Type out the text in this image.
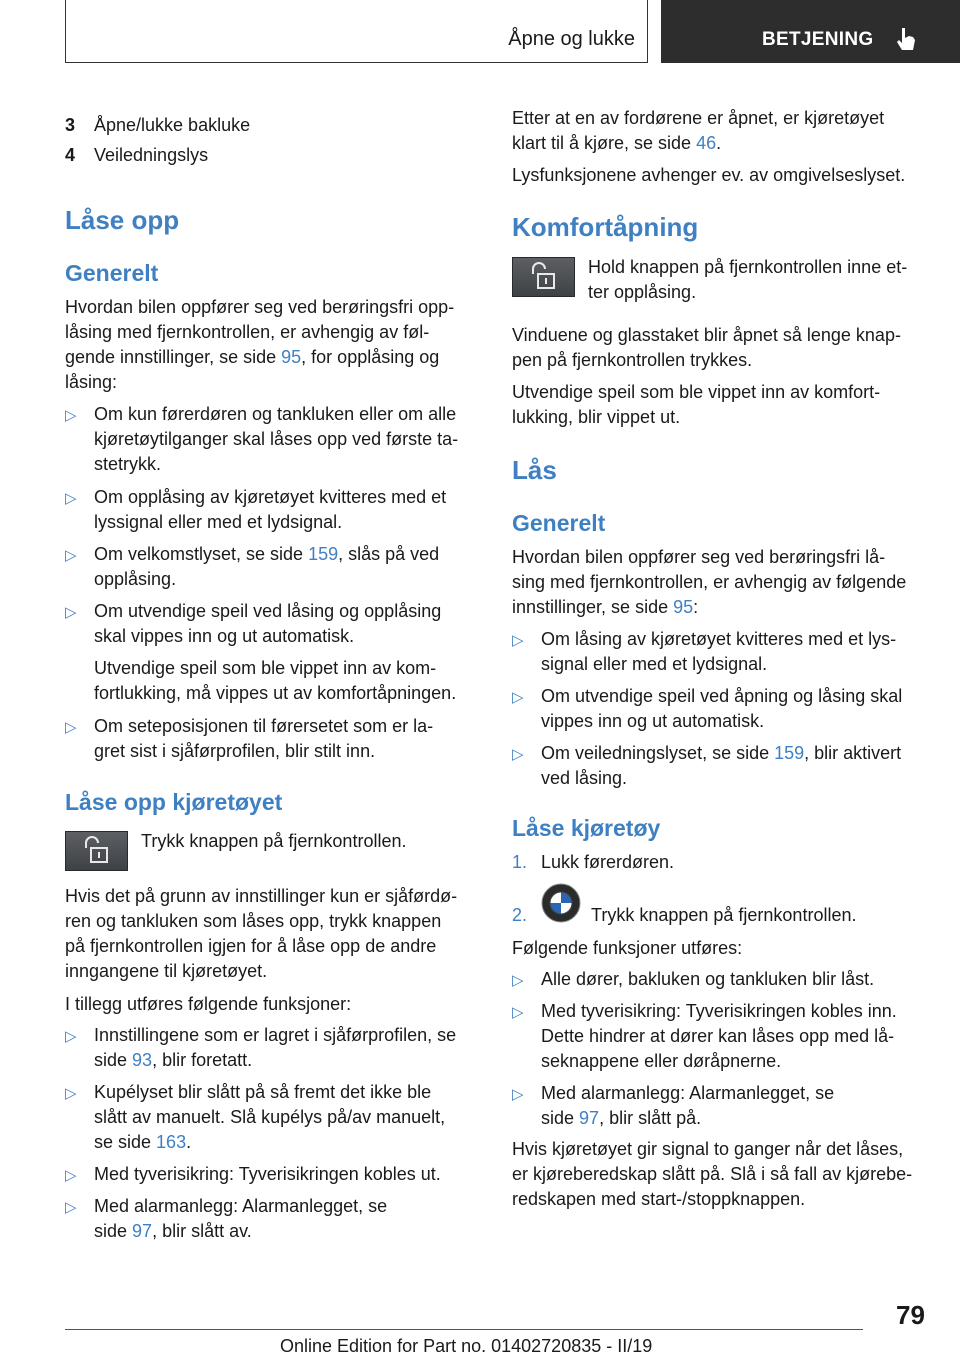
Åpne og lukke	BETJENING
3 Åpne/lukke bakluke
4 Veiledningslys
Låse opp
Generelt
Hvordan bilen oppfører seg ved berøringsfri opp-
låsing med fjernkontrollen, er avhengig av føl-
gende innstillinger, se side 95, for opplåsing og
låsing:
▷ Om kun førerdøren og tankluken eller om alle
kjøretøytilganger skal låses opp ved første ta-
stetrykk.
▷ Om opplåsing av kjøretøyet kvitteres med et
lyssignal eller med et lydsignal.
▷ Om velkomstlyset, se side 159, slås på ved
opplåsing.
▷ Om utvendige speil ved låsing og opplåsing
skal vippes inn og ut automatisk.
Utvendige speil som ble vippet inn av kom-
fortlukking, må vippes ut av komfortåpningen.
▷ Om seteposisjonen til førersetet som er la-
gret sist i sjåførprofilen, blir stilt inn.
Låse opp kjøretøyet
Trykk knappen på fjernkontrollen.
Hvis det på grunn av innstillinger kun er sjåførdø-
ren og tankluken som låses opp, trykk knappen
på fjernkontrollen igjen for å låse opp de andre
inngangene til kjøretøyet.
I tillegg utføres følgende funksjoner:
▷ Innstillingene som er lagret i sjåførprofilen, se
side 93, blir foretatt.
▷ Kupélyset blir slått på så fremt det ikke ble
slått av manuelt. Slå kupélys på/av manuelt,
se side 163.
▷ Med tyverisikring: Tyverisikringen kobles ut.
▷ Med alarmanlegg: Alarmanlegget, se
side 97, blir slått av.
Etter at en av fordørene er åpnet, er kjøretøyet
klart til å kjøre, se side 46.
Lysfunksjonene avhenger ev. av omgivelseslyset.
Komfortåpning
Hold knappen på fjernkontrollen inne et-
ter opplåsing.
Vinduene og glasstaket blir åpnet så lenge knap-
pen på fjernkontrollen trykkes.
Utvendige speil som ble vippet inn av komfort-
lukking, blir vippet ut.
Lås
Generelt
Hvordan bilen oppfører seg ved berøringsfri lå-
sing med fjernkontrollen, er avhengig av følgende
innstillinger, se side 95:
▷ Om låsing av kjøretøyet kvitteres med et lys-
signal eller med et lydsignal.
▷ Om utvendige speil ved åpning og låsing skal
vippes inn og ut automatisk.
▷ Om veiledningslyset, se side 159, blir aktivert
ved låsing.
Låse kjøretøy
1. Lukk førerdøren.
2.	Trykk knappen på fjernkontrollen.
Følgende funksjoner utføres:
▷ Alle dører, bakluken og tankluken blir låst.
▷ Med tyverisikring: Tyverisikringen kobles inn.
Dette hindrer at dører kan låses opp med lå-
seknappene eller døråpnerne.
▷ Med alarmanlegg: Alarmanlegget, se
side 97, blir slått på.
Hvis kjøretøyet gir signal to ganger når det låses,
er kjøreberedskap slått på. Slå i så fall av kjørebe-
redskapen med start-/stoppknappen.
79
Online Edition for Part no. 01402720835 - II/19
